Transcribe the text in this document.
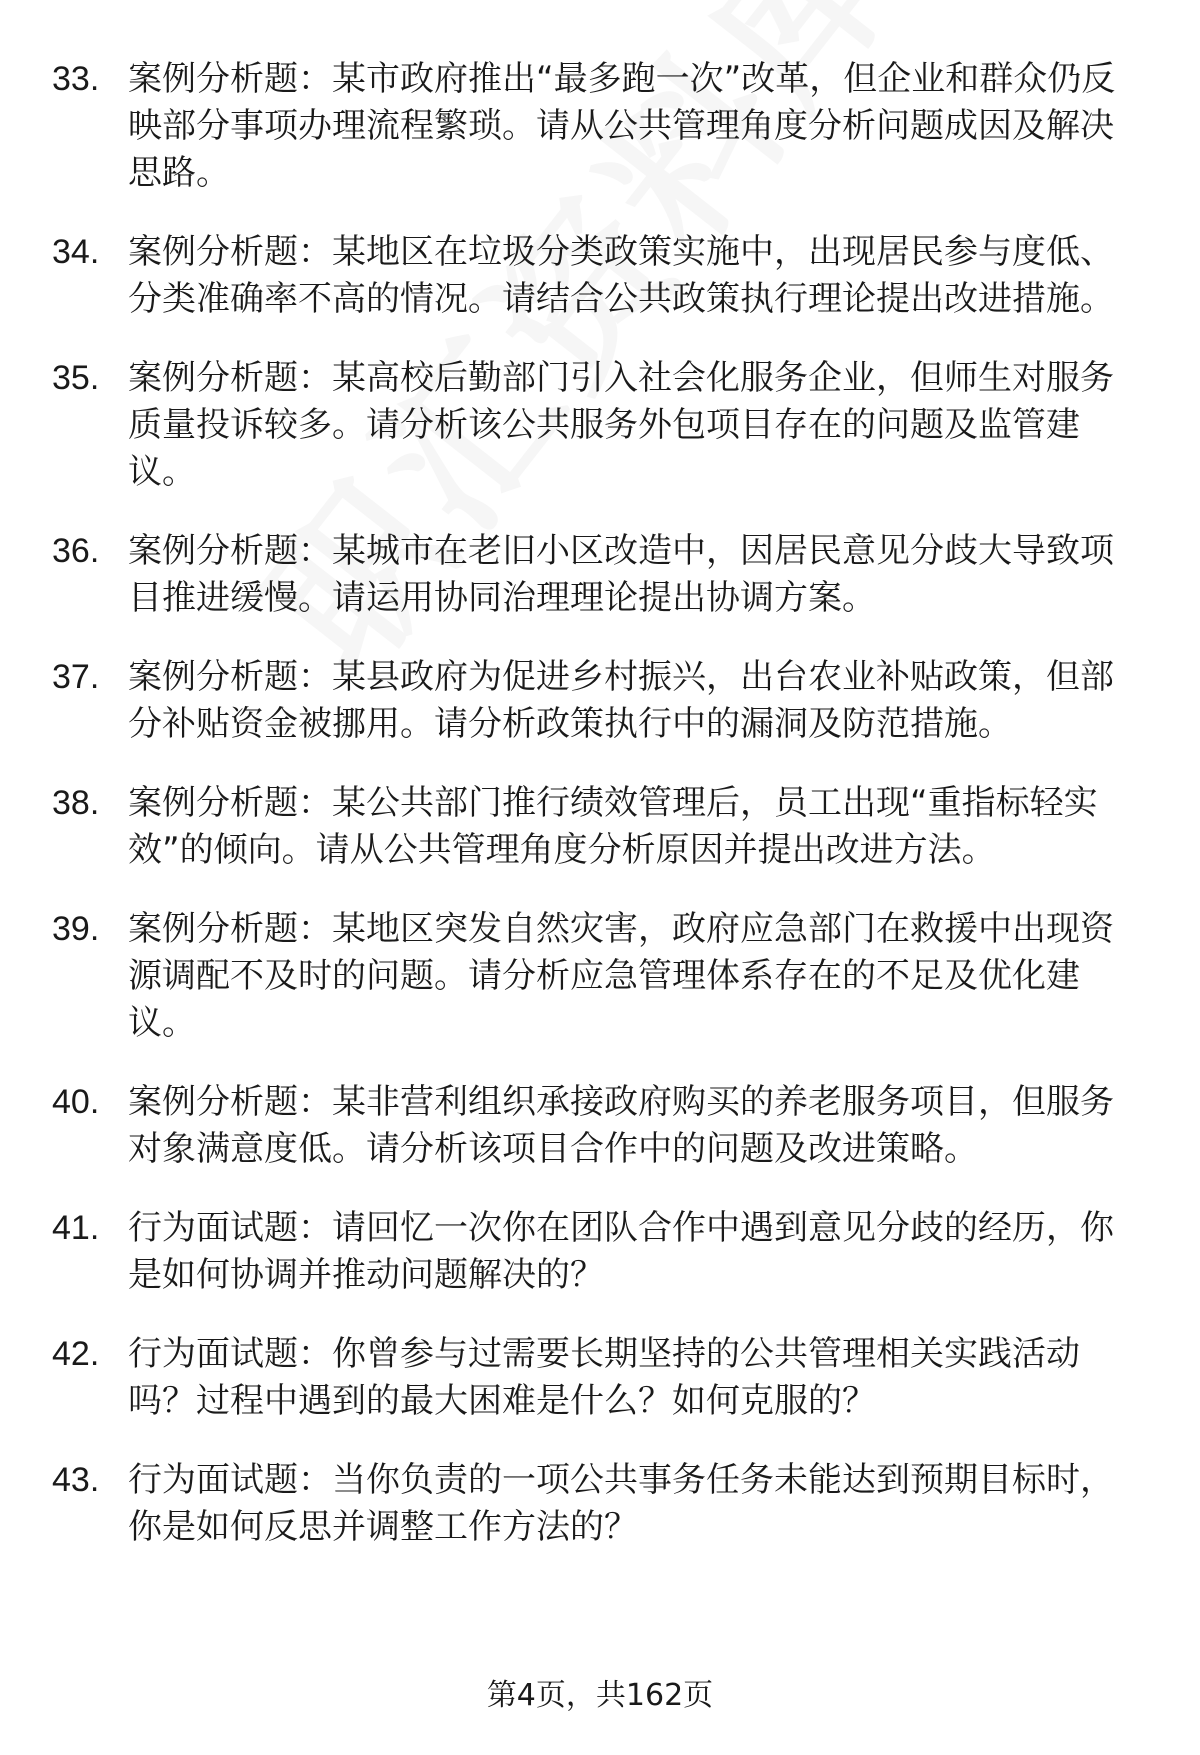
33. 案例分析题：某市政府推出“最多跑一次”改革，但企业和群众仍反映部分事项办理流程繁琐。请从公共管理角度分析问题成因及解决思路。
34. 案例分析题：某地区在垃圾分类政策实施中，出现居民参与度低、分类准确率不高的情况。请结合公共政策执行理论提出改进措施。
35. 案例分析题：某高校后勤部门引入社会化服务企业，但师生对服务质量投诉较多。请分析该公共服务外包项目存在的问题及监管建议。
36. 案例分析题：某城市在老旧小区改造中，因居民意见分歧大导致项目推进缓慢。请运用协同治理理论提出协调方案。
37. 案例分析题：某县政府为促进乡村振兴，出台农业补贴政策，但部分补贴资金被挪用。请分析政策执行中的漏洞及防范措施。
38. 案例分析题：某公共部门推行绩效管理后，员工出现“重指标轻实效”的倾向。请从公共管理角度分析原因并提出改进方法。
39. 案例分析题：某地区突发自然灾害，政府应急部门在救援中出现资源调配不及时的问题。请分析应急管理体系存在的不足及优化建议。
40. 案例分析题：某非营利组织承接政府购买的养老服务项目，但服务对象满意度低。请分析该项目合作中的问题及改进策略。
41. 行为面试题：请回忆一次你在团队合作中遇到意见分歧的经历，你是如何协调并推动问题解决的？
42. 行为面试题：你曾参与过需要长期坚持的公共管理相关实践活动吗？过程中遇到的最大困难是什么？如何克服的？
43. 行为面试题：当你负责的一项公共事务任务未能达到预期目标时，你是如何反思并调整工作方法的？
第4页，共162页
